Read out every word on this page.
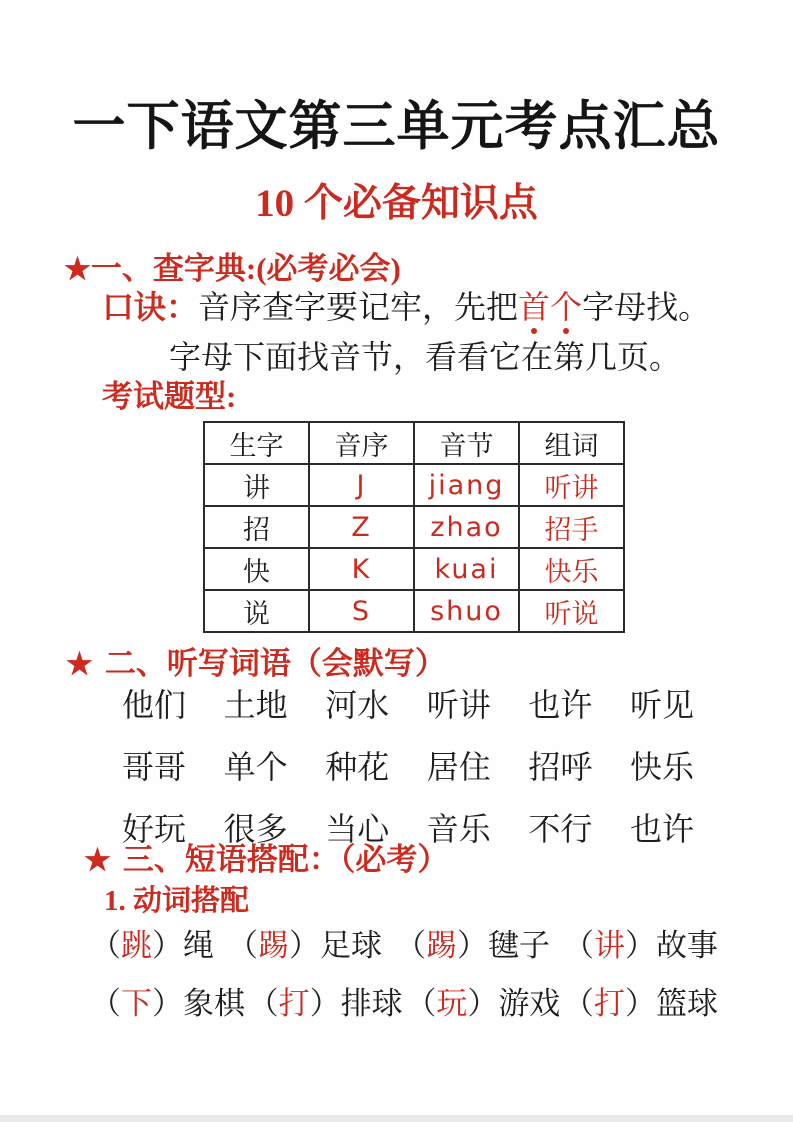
一下语文第三单元考点汇总
10 个必备知识点
★一、查字典:(必考必会)
口诀：音序查字要记牢，先把首个字母找。
字母下面找音节，看看它在第几页。
考试题型:
生字	音序	音节	组词
讲	J	jiang	听讲
招	Z	zhao	招手
快	K	kuai	快乐
说	S	shuo	听说
★ 二、听写词语（会默写）
他们 土地 河水 听讲 也许 听见
哥哥 单个 种花 居住 招呼 快乐
好玩 很多 当心 音乐 不行 也许
★ 三、短语搭配：（必考）
1. 动词搭配
（跳）绳 （踢）足球 （踢）毽子 （讲）故事
（下）象棋 （打）排球 （玩）游戏 （打）篮球
